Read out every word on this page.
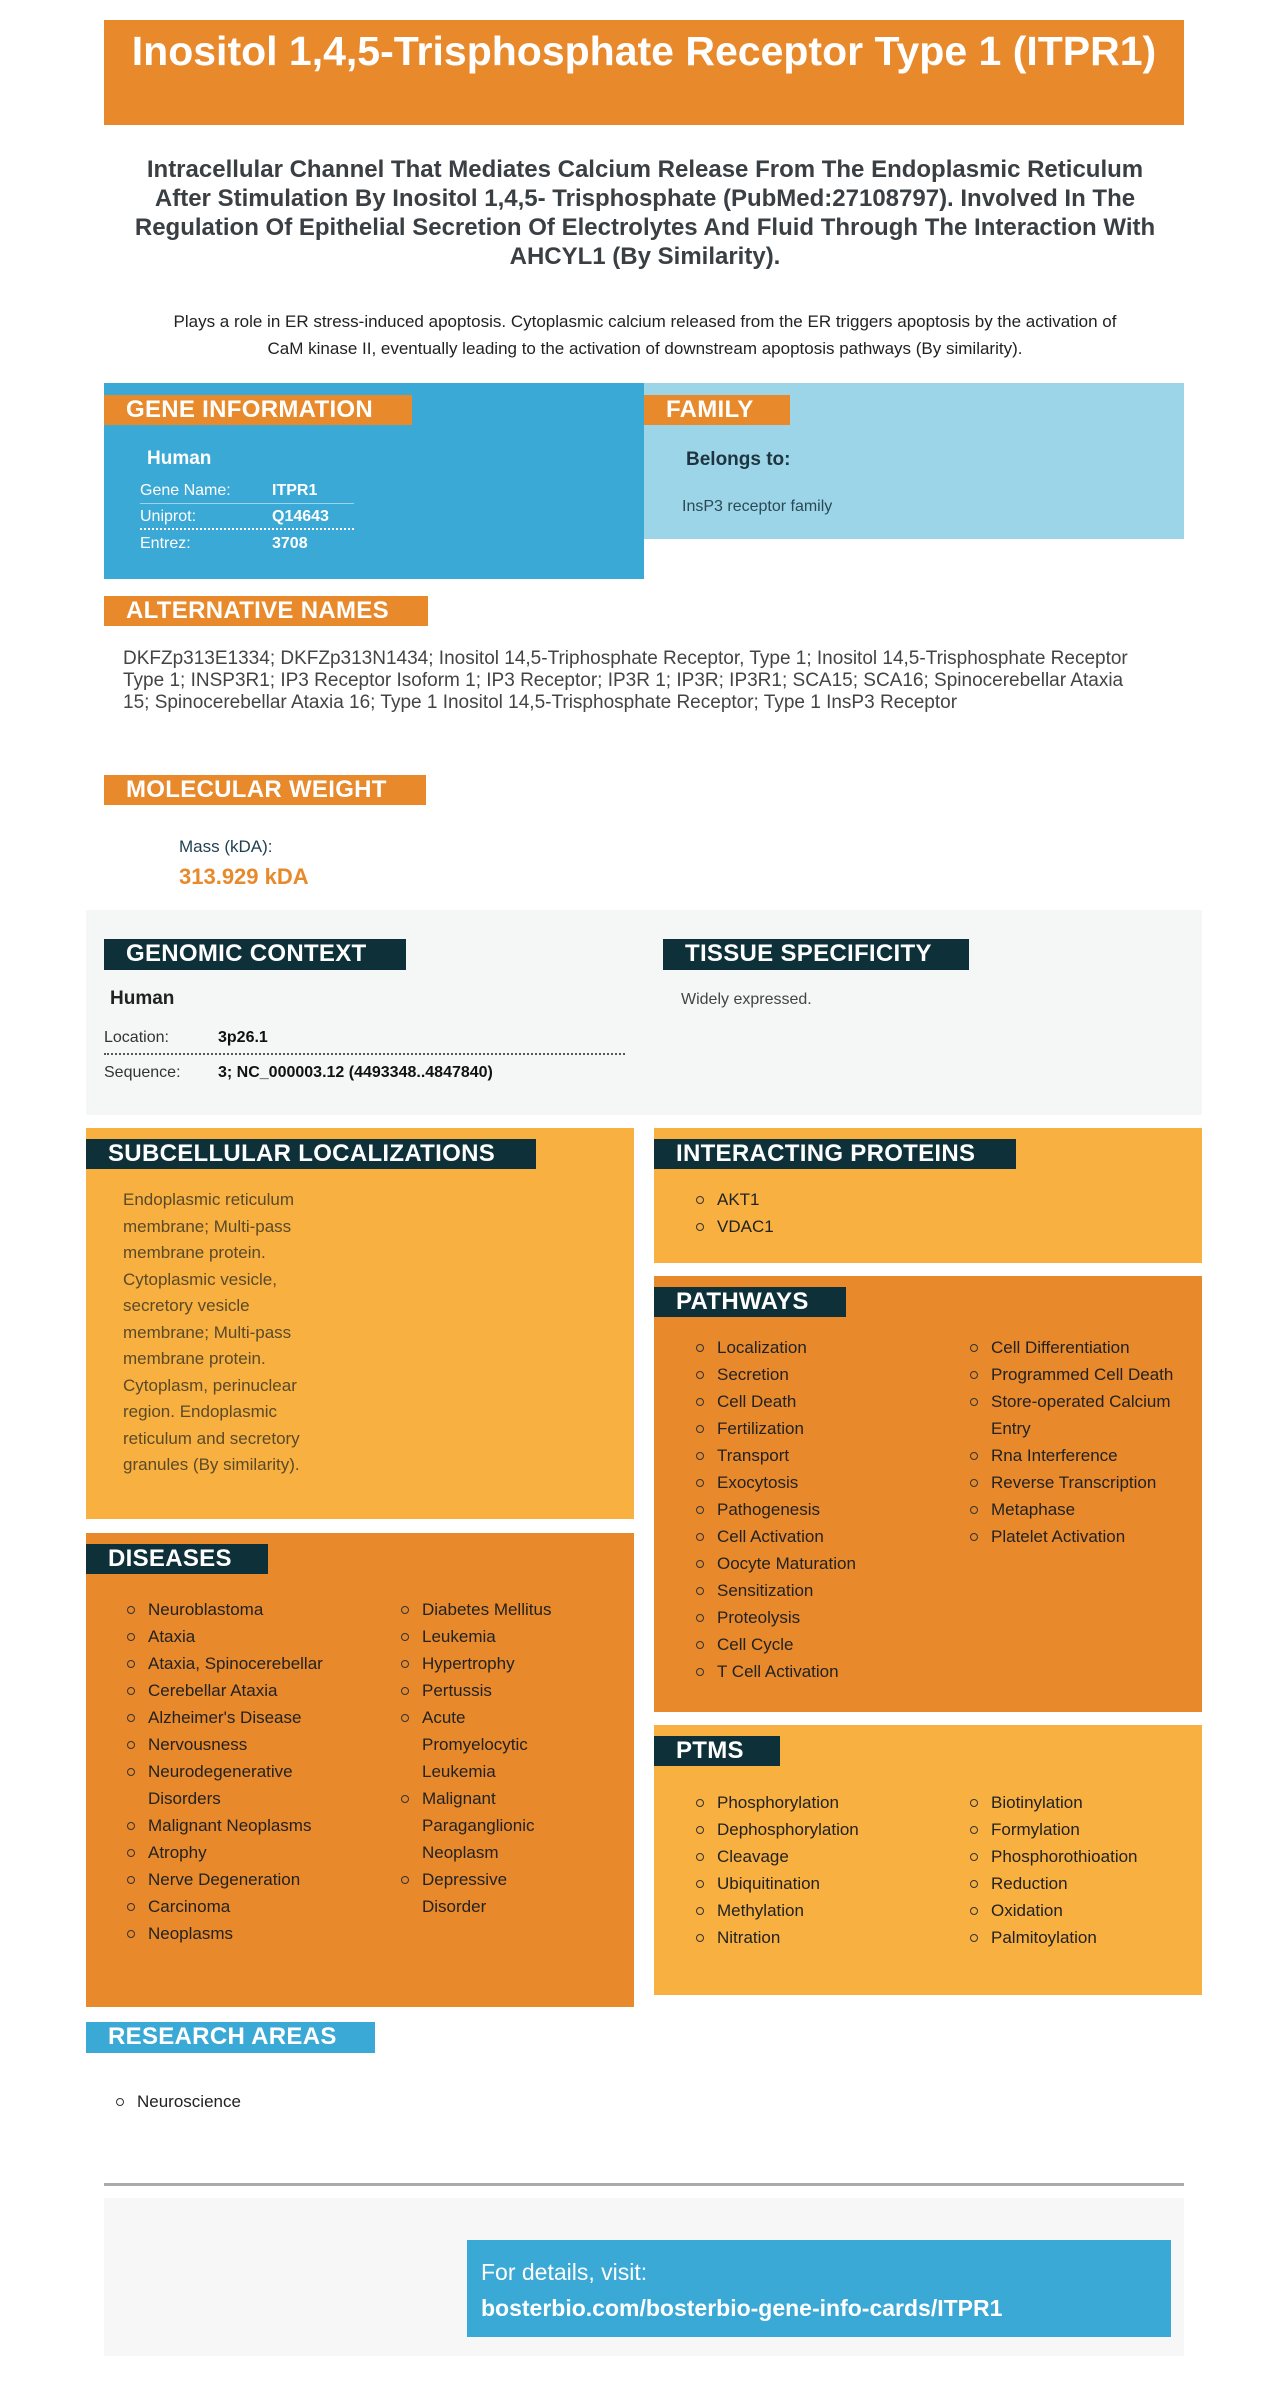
Inositol 1,4,5-Trisphosphate Receptor Type 1 (ITPR1)
Intracellular Channel That Mediates Calcium Release From The Endoplasmic Reticulum After Stimulation By Inositol 1,4,5- Trisphosphate (PubMed:27108797). Involved In The Regulation Of Epithelial Secretion Of Electrolytes And Fluid Through The Interaction With AHCYL1 (By Similarity).
Plays a role in ER stress-induced apoptosis. Cytoplasmic calcium released from the ER triggers apoptosis by the activation of CaM kinase II, eventually leading to the activation of downstream apoptosis pathways (By similarity).
GENE INFORMATION
Human
Gene Name:	ITPR1
Uniprot:	Q14643
Entrez:	3708
FAMILY
Belongs to:
InsP3 receptor family
ALTERNATIVE NAMES
DKFZp313E1334; DKFZp313N1434; Inositol 14,5-Triphosphate Receptor, Type 1; Inositol 14,5-Trisphosphate Receptor Type 1; INSP3R1; IP3 Receptor Isoform 1; IP3 Receptor; IP3R 1; IP3R; IP3R1; SCA15; SCA16; Spinocerebellar Ataxia 15; Spinocerebellar Ataxia 16; Type 1 Inositol 14,5-Trisphosphate Receptor; Type 1 InsP3 Receptor
MOLECULAR WEIGHT
Mass (kDA):
313.929 kDA
GENOMIC CONTEXT
Human
Location:	3p26.1
Sequence: 3; NC_000003.12 (4493348..4847840)
TISSUE SPECIFICITY
Widely expressed.
SUBCELLULAR LOCALIZATIONS
Endoplasmic reticulum
membrane; Multi-pass
membrane protein.
Cytoplasmic vesicle,
secretory vesicle
membrane; Multi-pass
membrane protein.
Cytoplasm, perinuclear
region. Endoplasmic
reticulum and secretory
granules (By similarity).
INTERACTING PROTEINS
AKT1
VDAC1
PATHWAYS
Localization
Secretion
Cell Death
Fertilization
Transport
Exocytosis
Pathogenesis
Cell Activation
Oocyte Maturation
Sensitization
Proteolysis
Cell Cycle
T Cell Activation
Cell Differentiation
Programmed Cell Death
Store-operated Calcium Entry
Rna Interference
Reverse Transcription
Metaphase
Platelet Activation
DISEASES
Neuroblastoma
Ataxia
Ataxia, Spinocerebellar
Cerebellar Ataxia
Alzheimer's Disease
Nervousness
Neurodegenerative Disorders
Malignant Neoplasms
Atrophy
Nerve Degeneration
Carcinoma
Neoplasms
Diabetes Mellitus
Leukemia
Hypertrophy
Pertussis
Acute Promyelocytic Leukemia
Malignant Paraganglionic Neoplasm
Depressive Disorder
PTMS
Phosphorylation
Dephosphorylation
Cleavage
Ubiquitination
Methylation
Nitration
Biotinylation
Formylation
Phosphorothioation
Reduction
Oxidation
Palmitoylation
RESEARCH AREAS
Neuroscience
For details, visit:
bosterbio.com/bosterbio-gene-info-cards/ITPR1
